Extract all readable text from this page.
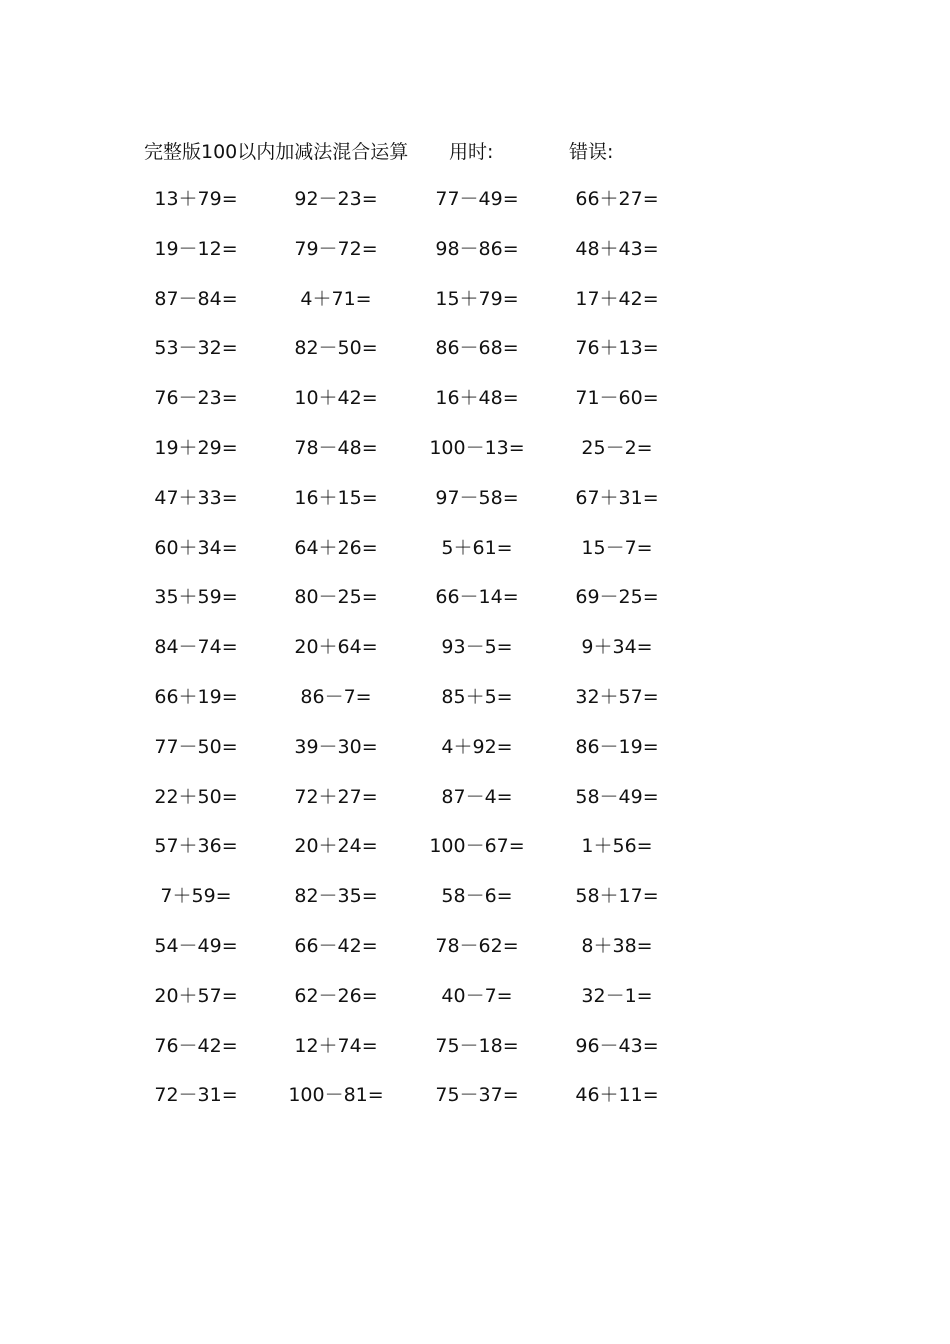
完整版100以内加减法混合运算 用时:	错误:
13＋79=	92－23=	77－49=	66＋27=
19－12=	79－72=	98－86=	48＋43=
87－84=	4＋71=	15＋79=	17＋42=
53－32=	82－50=	86－68=	76＋13=
76－23=	10＋42=	16＋48=	71－60=
19＋29=	78－48=	100－13=	25－2=
47＋33=	16＋15=	97－58=	67＋31=
60＋34=	64＋26=	5＋61=	15－7=
35＋59=	80－25=	66－14=	69－25=
84－74=	20＋64=	93－5=	9＋34=
66＋19=	86－7=	85＋5=	32＋57=
77－50=	39－30=	4＋92=	86－19=
22＋50=	72＋27=	87－4=	58－49=
57＋36=	20＋24=	100－67=	1＋56=
7＋59=	82－35=	58－6=	58＋17=
54－49=	66－42=	78－62=	8＋38=
20＋57=	62－26=	40－7=	32－1=
76－42=	12＋74=	75－18=	96－43=
72－31=	100－81=	75－37=	46＋11=
